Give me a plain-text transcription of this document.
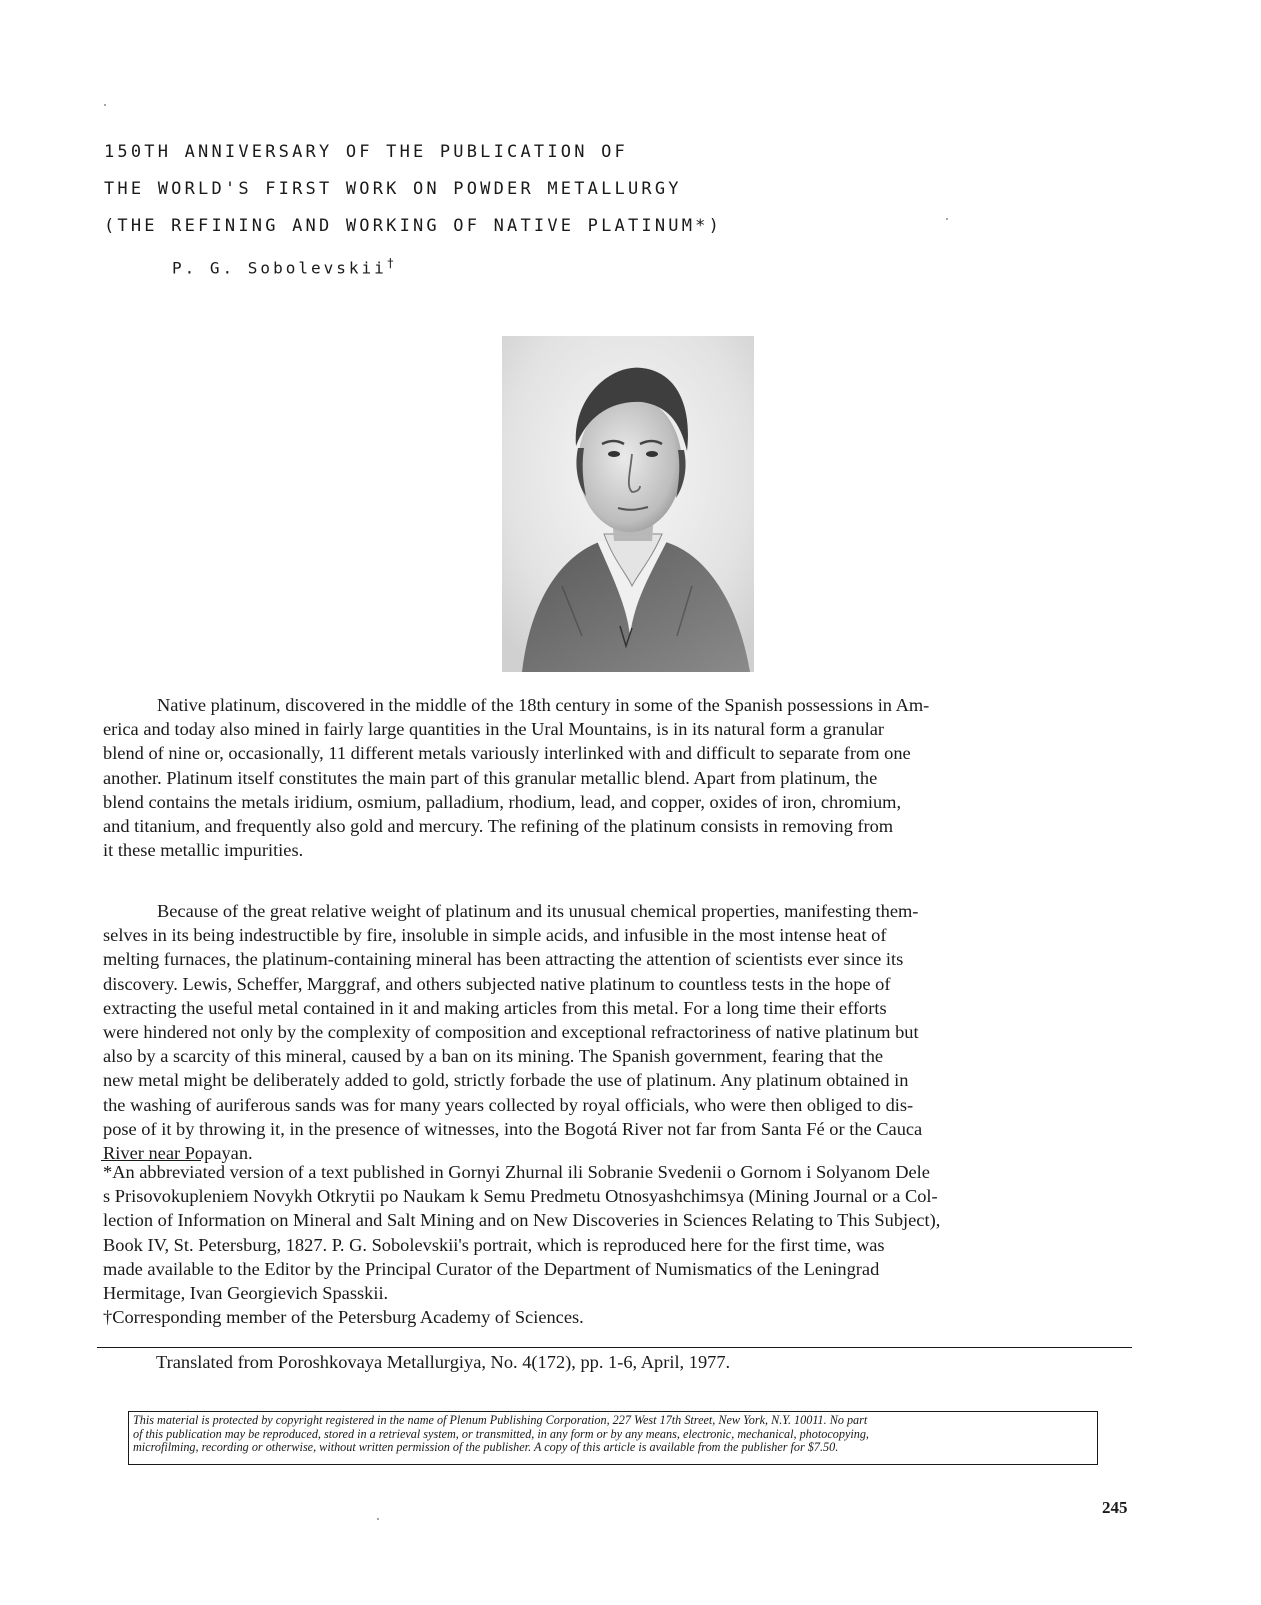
150TH ANNIVERSARY OF THE PUBLICATION OF
THE WORLD'S FIRST WORK ON POWDER METALLURGY
(THE REFINING AND WORKING OF NATIVE PLATINUM*)
P. G. Sobolevskii†
Native platinum, discovered in the middle of the 18th century in some of the Spanish possessions in Am-
erica and today also mined in fairly large quantities in the Ural Mountains, is in its natural form a granular
blend of nine or, occasionally, 11 different metals variously interlinked with and difficult to separate from one
another. Platinum itself constitutes the main part of this granular metallic blend. Apart from platinum, the
blend contains the metals iridium, osmium, palladium, rhodium, lead, and copper, oxides of iron, chromium,
and titanium, and frequently also gold and mercury. The refining of the platinum consists in removing from
it these metallic impurities.
Because of the great relative weight of platinum and its unusual chemical properties, manifesting them-
selves in its being indestructible by fire, insoluble in simple acids, and infusible in the most intense heat of
melting furnaces, the platinum-containing mineral has been attracting the attention of scientists ever since its
discovery. Lewis, Scheffer, Marggraf, and others subjected native platinum to countless tests in the hope of
extracting the useful metal contained in it and making articles from this metal. For a long time their efforts
were hindered not only by the complexity of composition and exceptional refractoriness of native platinum but
also by a scarcity of this mineral, caused by a ban on its mining. The Spanish government, fearing that the
new metal might be deliberately added to gold, strictly forbade the use of platinum. Any platinum obtained in
the washing of auriferous sands was for many years collected by royal officials, who were then obliged to dis-
pose of it by throwing it, in the presence of witnesses, into the Bogotá River not far from Santa Fé or the Cauca
River near Popayan.
*An abbreviated version of a text published in Gornyi Zhurnal ili Sobranie Svedenii o Gornom i Solyanom Dele
s Prisovokupleniem Novykh Otkrytii po Naukam k Semu Predmetu Otnosyashchimsya (Mining Journal or a Col-
lection of Information on Mineral and Salt Mining and on New Discoveries in Sciences Relating to This Subject),
Book IV, St. Petersburg, 1827. P. G. Sobolevskii's portrait, which is reproduced here for the first time, was
made available to the Editor by the Principal Curator of the Department of Numismatics of the Leningrad
Hermitage, Ivan Georgievich Spasskii.
†Corresponding member of the Petersburg Academy of Sciences.
Translated from Poroshkovaya Metallurgiya, No. 4(172), pp. 1-6, April, 1977.
This material is protected by copyright registered in the name of Plenum Publishing Corporation, 227 West 17th Street, New York, N.Y. 10011. No part
of this publication may be reproduced, stored in a retrieval system, or transmitted, in any form or by any means, electronic, mechanical, photocopying,
microfilming, recording or otherwise, without written permission of the publisher. A copy of this article is available from the publisher for $7.50.
245
